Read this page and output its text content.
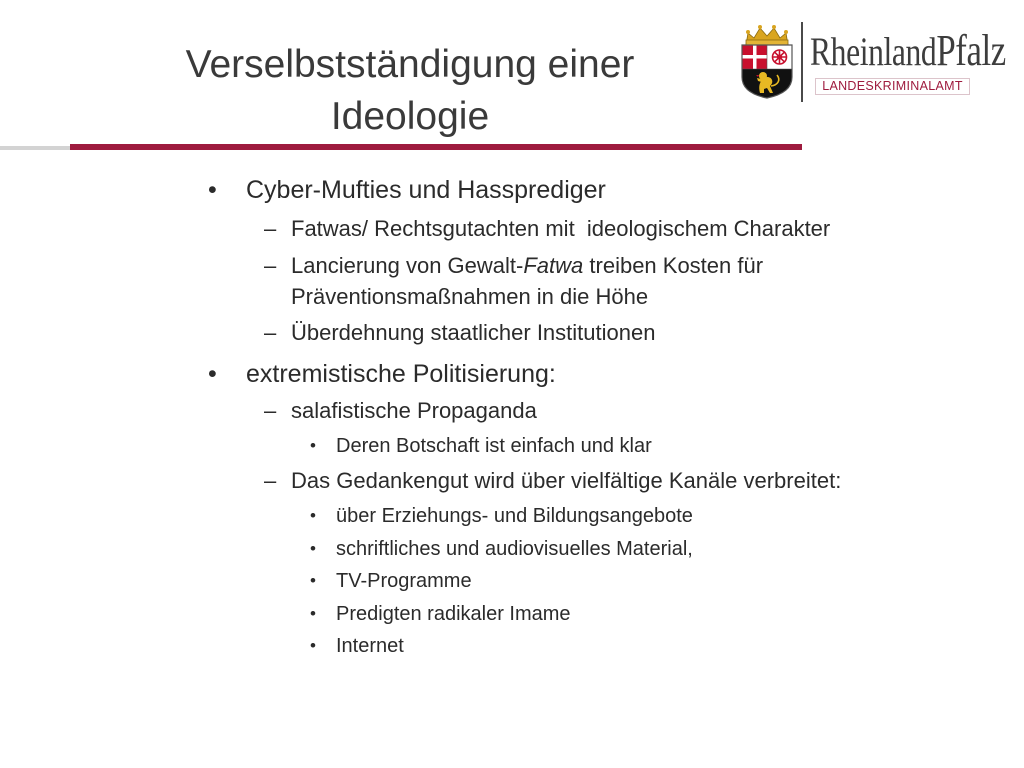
Verselbstständigung einer
Ideologie
RheinlandPfalz
LANDESKRIMINALAMT
• Cyber-Mufties und Hassprediger
– Fatwas/ Rechtsgutachten mit  ideologischem Charakter
– Lancierung von Gewalt-Fatwa treiben Kosten für Präventionsmaßnahmen in die Höhe
– Überdehnung staatlicher Institutionen
• extremistische Politisierung:
– salafistische Propaganda
• Deren Botschaft ist einfach und klar
– Das Gedankengut wird über vielfältige Kanäle verbreitet:
• über Erziehungs- und Bildungsangebote
• schriftliches und audiovisuelles Material,
• TV-Programme
• Predigten radikaler Imame
• Internet
